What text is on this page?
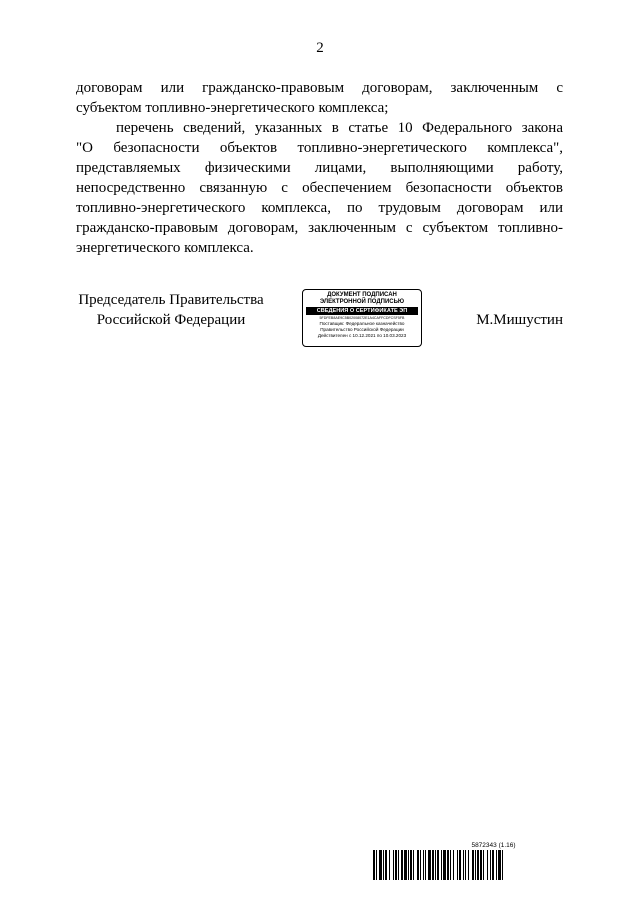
2

договорам или гражданско-правовым договорам, заключенным с
субъектом топливно-энергетического комплекса;

перечень сведений, указанных в статье 10 Федерального закона
"О безопасности объектов топливно-энергетического комплекса",
представляемых физическими лицами, выполняющими работу,
непосредственно связанную с обеспечением безопасности объектов
топливно-энергетического комплекса, по трудовым договорам или
гражданско-правовым договорам, заключенным с субъектом топливно-
энергетического комплекса.

Председатель Правительства
Российской Федерации
ДОКУМЕНТ ПОДПИСАН
ЭЛЕКТРОННОЙ ПОДПИСЬЮ
СВЕДЕНИЯ О СЕРТИФИКАТЕ ЭП
5FDFEB8AE9C5B02008072E1A4CAFFCDFCSF5FB
Поставщик: Федеральное казначейство
Правительство Российской Федерации
Действителен с 10.12.2021 по 10.03.2023
М.Мишустин
5872343 (1.16)
